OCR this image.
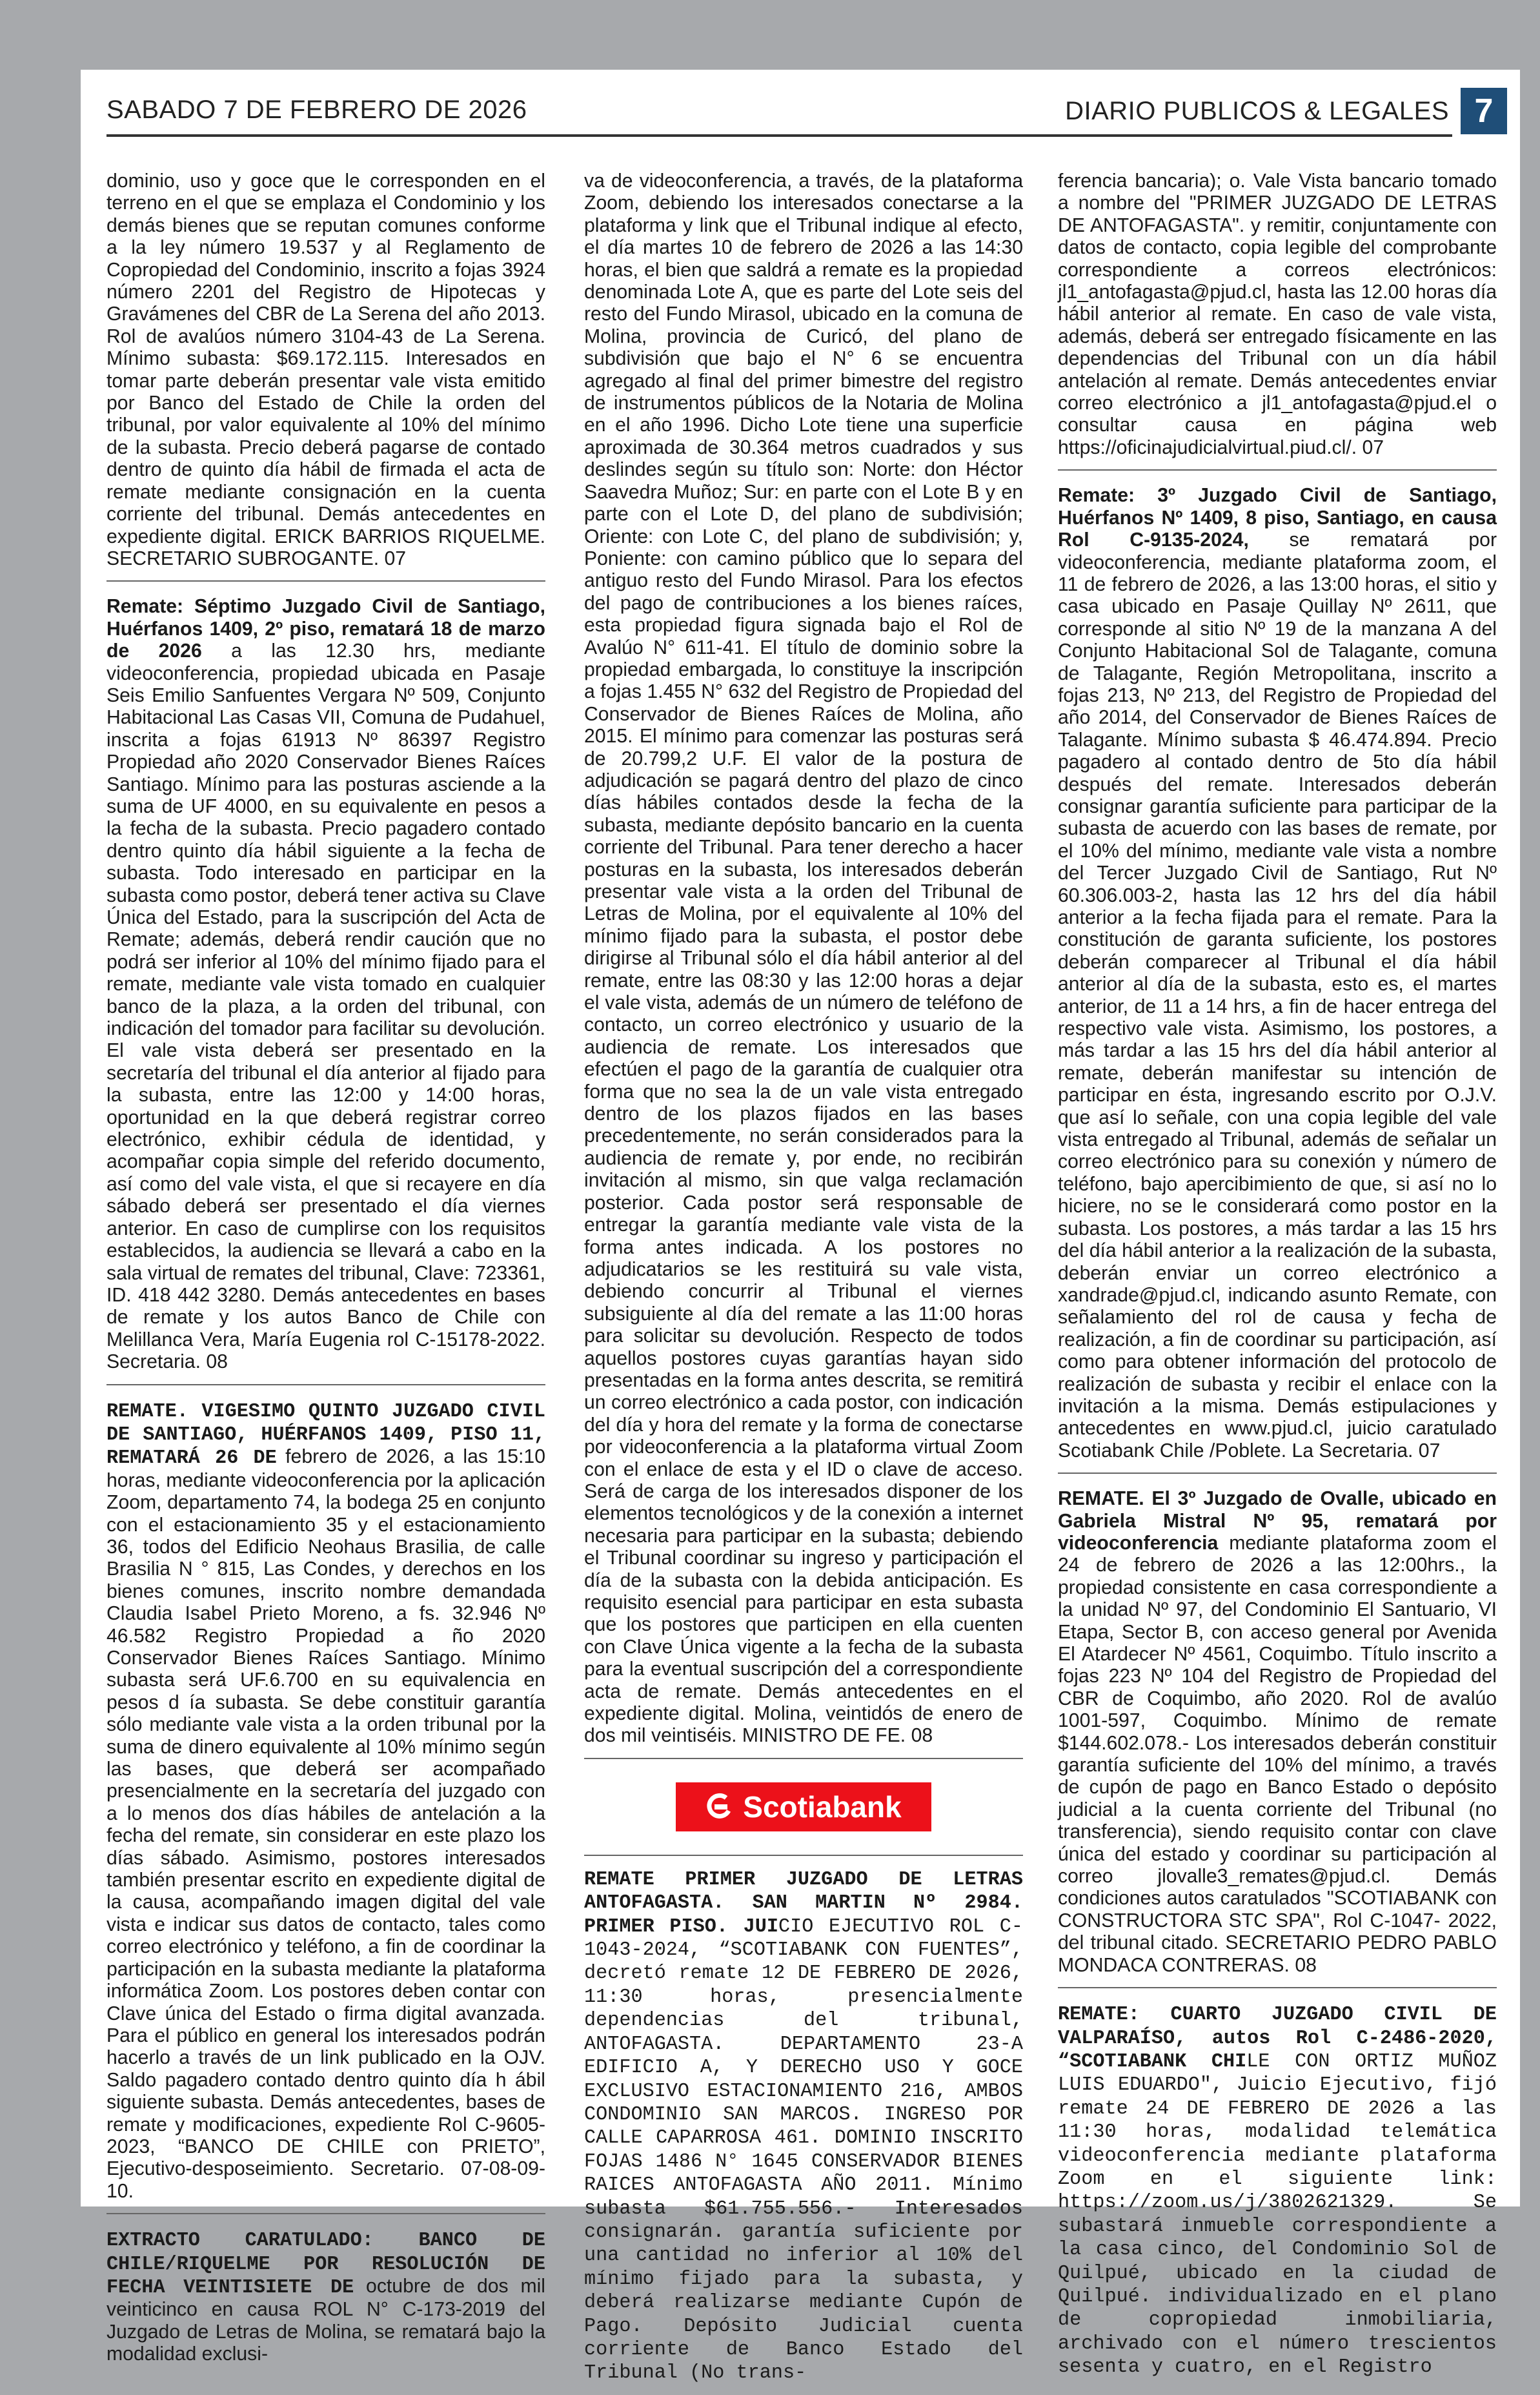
SABADO 7 DE FEBRERO DE 2026	DIARIO PUBLICOS & LEGALES 7

dominio, uso y goce que le corresponden en el terreno en el que se emplaza el Condominio y los demás bienes que se reputan comunes conforme a la ley número 19.537 y al Reglamento de Copropiedad del Condominio, inscrito a fojas 3924 número 2201 del Registro de Hipotecas y Gravámenes del CBR de La Serena del año 2013. Rol de avalúos número 3104-43 de La Serena. Mínimo subasta: $69.172.115. Interesados en tomar parte deberán presentar vale vista emitido por Banco del Estado de Chile la orden del tribunal, por valor equivalente al 10% del mínimo de la subasta. Precio deberá pagarse de contado dentro de quinto día hábil de firmada el acta de remate mediante consignación en la cuenta corriente del tribunal. Demás antecedentes en expediente digital. ERICK BARRIOS RIQUELME. SECRETARIO SUBROGANTE. 07

Remate: Séptimo Juzgado Civil de Santiago, Huérfanos 1409, 2º piso, rematará 18 de marzo de 2026 a las 12.30 hrs, mediante videoconferencia, propiedad ubicada en Pasaje Seis Emilio Sanfuentes Vergara Nº 509, Conjunto Habitacional Las Casas VII, Comuna de Pudahuel, inscrita a fojas 61913 Nº 86397 Registro Propiedad año 2020 Conservador Bienes Raíces Santiago. Mínimo para las posturas asciende a la suma de UF 4000, en su equivalente en pesos a la fecha de la subasta. Precio pagadero contado dentro quinto día hábil siguiente a la fecha de subasta. Todo interesado en participar en la subasta como postor, deberá tener activa su Clave Única del Estado, para la suscripción del Acta de Remate; además, deberá rendir caución que no podrá ser inferior al 10% del mínimo fijado para el remate, mediante vale vista tomado en cualquier banco de la plaza, a la orden del tribunal, con indicación del tomador para facilitar su devolución. El vale vista deberá ser presentado en la secretaría del tribunal el día anterior al fijado para la subasta, entre las 12:00 y 14:00 horas, oportunidad en la que deberá registrar correo electrónico, exhibir cédula de identidad, y acompañar copia simple del referido documento, así como del vale vista, el que si recayere en día sábado deberá ser presentado el día viernes anterior. En caso de cumplirse con los requisitos establecidos, la audiencia se llevará a cabo en la sala virtual de remates del tribunal, Clave: 723361, ID. 418 442 3280. Demás antecedentes en bases de remate y los autos Banco de Chile con Melillanca Vera, María Eugenia rol C-15178-2022. Secretaria. 08

REMATE. VIGESIMO QUINTO JUZGADO CIVIL DE SANTIAGO, HUÉRFANOS 1409, PISO 11, REMATARÁ 26 DE febrero de 2026, a las 15:10 horas, mediante videoconferencia por la aplicación Zoom, departamento 74, la bodega 25 en conjunto con el estacionamiento 35 y el estacionamiento 36, todos del Edificio Neohaus Brasilia, de calle Brasilia N ° 815, Las Condes, y derechos en los bienes comunes, inscrito nombre demandada Claudia Isabel Prieto Moreno, a fs. 32.946 Nº 46.582 Registro Propiedad a ño 2020 Conservador Bienes Raíces Santiago. Mínimo subasta será UF.6.700 en su equivalencia en pesos d ía subasta. Se debe constituir garantía sólo mediante vale vista a la orden tribunal por la suma de dinero equivalente al 10% mínimo según las bases, que deberá ser acompañado presencialmente en la secretaría del juzgado con a lo menos dos días hábiles de antelación a la fecha del remate, sin considerar en este plazo los días sábado. Asimismo, postores interesados también presentar escrito en expediente digital de la causa, acompañando imagen digital del vale vista e indicar sus datos de contacto, tales como correo electrónico y teléfono, a fin de coordinar la participación en la subasta mediante la plataforma informática Zoom. Los postores deben contar con Clave única del Estado o firma digital avanzada. Para el público en general los interesados podrán hacerlo a través de un link publicado en la OJV. Saldo pagadero contado dentro quinto día h ábil siguiente subasta. Demás antecedentes, bases de remate y modificaciones, expediente Rol C-9605-2023, “BANCO DE CHILE con PRIETO”, Ejecutivo-desposeimiento. Secretario. 07-08-09-10.

EXTRACTO CARATULADO: BANCO DE CHILE/RIQUELME POR RESOLUCIÓN DE FECHA VEINTISIETE DE octubre de dos mil veinticinco en causa ROL N° C-173-2019 del Juzgado de Letras de Molina, se rematará bajo la modalidad exclusi-

va de videoconferencia, a través, de la plataforma Zoom, debiendo los interesados conectarse a la plataforma y link que el Tribunal indique al efecto, el día martes 10 de febrero de 2026 a las 14:30 horas, el bien que saldrá a remate es la propiedad denominada Lote A, que es parte del Lote seis del resto del Fundo Mirasol, ubicado en la comuna de Molina, provincia de Curicó, del plano de subdivisión que bajo el N° 6 se encuentra agregado al final del primer bimestre del registro de instrumentos públicos de la Notaria de Molina en el año 1996. Dicho Lote tiene una superficie aproximada de 30.364 metros cuadrados y sus deslindes según su título son: Norte: don Héctor Saavedra Muñoz; Sur: en parte con el Lote B y en parte con el Lote D, del plano de subdivisión; Oriente: con Lote C, del plano de subdivisión; y, Poniente: con camino público que lo separa del antiguo resto del Fundo Mirasol. Para los efectos del pago de contribuciones a los bienes raíces, esta propiedad figura signada bajo el Rol de Avalúo N° 611-41. El título de dominio sobre la propiedad embargada, lo constituye la inscripción a fojas 1.455 N° 632 del Registro de Propiedad del Conservador de Bienes Raíces de Molina, año 2015. El mínimo para comenzar las posturas será de 20.799,2 U.F. El valor de la postura de adjudicación se pagará dentro del plazo de cinco días hábiles contados desde la fecha de la subasta, mediante depósito bancario en la cuenta corriente del Tribunal. Para tener derecho a hacer posturas en la subasta, los interesados deberán presentar vale vista a la orden del Tribunal de Letras de Molina, por el equivalente al 10% del mínimo fijado para la subasta, el postor debe dirigirse al Tribunal sólo el día hábil anterior al del remate, entre las 08:30 y las 12:00 horas a dejar el vale vista, además de un número de teléfono de contacto, un correo electrónico y usuario de la audiencia de remate. Los interesados que efectúen el pago de la garantía de cualquier otra forma que no sea la de un vale vista entregado dentro de los plazos fijados en las bases precedentemente, no serán considerados para la audiencia de remate y, por ende, no recibirán invitación al mismo, sin que valga reclamación posterior. Cada postor será responsable de entregar la garantía mediante vale vista de la forma antes indicada. A los postores no adjudicatarios se les restituirá su vale vista, debiendo concurrir al Tribunal el viernes subsiguiente al día del remate a las 11:00 horas para solicitar su devolución. Respecto de todos aquellos postores cuyas garantías hayan sido presentadas en la forma antes descrita, se remitirá un correo electrónico a cada postor, con indicación del día y hora del remate y la forma de conectarse por videoconferencia a la plataforma virtual Zoom con el enlace de esta y el ID o clave de acceso. Será de carga de los interesados disponer de los elementos tecnológicos y de la conexión a internet necesaria para participar en la subasta; debiendo el Tribunal coordinar su ingreso y participación el día de la subasta con la debida anticipación. Es requisito esencial para participar en esta subasta que los postores que participen en ella cuenten con Clave Única vigente a la fecha de la subasta para la eventual suscripción del a correspondiente acta de remate. Demás antecedentes en el expediente digital. Molina, veintidós de enero de dos mil veintiséis. MINISTRO DE FE. 08

Scotiabank

REMATE PRIMER JUZGADO DE LETRAS ANTOFAGASTA. SAN MARTIN Nº 2984. PRIMER PISO. JUICIO EJECUTIVO ROL C-1043-2024, “SCOTIABANK CON FUENTES”, decretó remate 12 DE FEBRERO DE 2026, 11:30 horas, presencialmente dependencias del tribunal, ANTOFAGASTA. DEPARTAMENTO 23-A EDIFICIO A, Y DERECHO USO Y GOCE EXCLUSIVO ESTACIONAMIENTO 216, AMBOS CONDOMINIO SAN MARCOS. INGRESO POR CALLE CAPARROSA 461. DOMINIO INSCRITO FOJAS 1486 N° 1645 CONSERVADOR BIENES RAICES ANTOFAGASTA AÑO 2011. Mínimo subasta $61.755.556.- Interesados consignarán. garantía suficiente por una cantidad no inferior al 10% del mínimo fijado para la subasta, y deberá realizarse mediante Cupón de Pago. Depósito Judicial cuenta corriente de Banco Estado del Tribunal (No trans-

ferencia bancaria); o. Vale Vista bancario tomado a nombre del "PRIMER JUZGADO DE LETRAS DE ANTOFAGASTA". y remitir, conjuntamente con datos de contacto, copia legible del comprobante correspondiente a correos electrónicos: jl1_antofagasta@pjud.cl, hasta las 12.00 horas día hábil anterior al remate. En caso de vale vista, además, deberá ser entregado físicamente en las dependencias del Tribunal con un día hábil antelación al remate. Demás antecedentes enviar correo electrónico a jl1_antofagasta@pjud.el o consultar causa en página web https://oficinajudicialvirtual.piud.cl/. 07

Remate: 3º Juzgado Civil de Santiago, Huérfanos Nº 1409, 8 piso, Santiago, en causa Rol C-9135-2024, se rematará por videoconferencia, mediante plataforma zoom, el 11 de febrero de 2026, a las 13:00 horas, el sitio y casa ubicado en Pasaje Quillay Nº 2611, que corresponde al sitio Nº 19 de la manzana A del Conjunto Habitacional Sol de Talagante, comuna de Talagante, Región Metropolitana, inscrito a fojas 213, Nº 213, del Registro de Propiedad del año 2014, del Conservador de Bienes Raíces de Talagante. Mínimo subasta $ 46.474.894. Precio pagadero al contado dentro de 5to día hábil después del remate. Interesados deberán consignar garantía suficiente para participar de la subasta de acuerdo con las bases de remate, por el 10% del mínimo, mediante vale vista a nombre del Tercer Juzgado Civil de Santiago, Rut Nº 60.306.003-2, hasta las 12 hrs del día hábil anterior a la fecha fijada para el remate. Para la constitución de garanta suficiente, los postores deberán comparecer al Tribunal el día hábil anterior al día de la subasta, esto es, el martes anterior, de 11 a 14 hrs, a fin de hacer entrega del respectivo vale vista. Asimismo, los postores, a más tardar a las 15 hrs del día hábil anterior al remate, deberán manifestar su intención de participar en ésta, ingresando escrito por O.J.V. que así lo señale, con una copia legible del vale vista entregado al Tribunal, además de señalar un correo electrónico para su conexión y número de teléfono, bajo apercibimiento de que, si así no lo hiciere, no se le considerará como postor en la subasta. Los postores, a más tardar a las 15 hrs del día hábil anterior a la realización de la subasta, deberán enviar un correo electrónico a xandrade@pjud.cl, indicando asunto Remate, con señalamiento del rol de causa y fecha de realización, a fin de coordinar su participación, así como para obtener información del protocolo de realización de subasta y recibir el enlace con la invitación a la misma. Demás estipulaciones y antecedentes en www.pjud.cl, juicio caratulado Scotiabank Chile /Poblete. La Secretaria. 07

REMATE. El 3º Juzgado de Ovalle, ubicado en Gabriela Mistral Nº 95, rematará por videoconferencia mediante plataforma zoom el 24 de febrero de 2026 a las 12:00hrs., la propiedad consistente en casa correspondiente a la unidad Nº 97, del Condominio El Santuario, VI Etapa, Sector B, con acceso general por Avenida El Atardecer Nº 4561, Coquimbo. Título inscrito a fojas 223 Nº 104 del Registro de Propiedad del CBR de Coquimbo, año 2020. Rol de avalúo 1001-597, Coquimbo. Mínimo de remate $144.602.078.- Los interesados deberán constituir garantía suficiente del 10% del mínimo, a través de cupón de pago en Banco Estado o depósito judicial a la cuenta corriente del Tribunal (no transferencia), siendo requisito contar con clave única del estado y coordinar su participación al correo jlovalle3_remates@pjud.cl. Demás condiciones autos caratulados "SCOTIABANK con CONSTRUCTORA STC SPA", Rol C-1047- 2022, del tribunal citado. SECRETARIO PEDRO PABLO MONDACA CONTRERAS. 08

REMATE: CUARTO JUZGADO CIVIL DE VALPARAÍSO, autos Rol C-2486-2020, “SCOTIABANK CHILE CON ORTIZ MUÑOZ LUIS EDUARDO", Juicio Ejecutivo, fijó remate 24 DE FEBRERO DE 2026 a las 11:30 horas, modalidad telemática videoconferencia mediante plataforma Zoom en el siguiente link: https://zoom.us/j/3802621329. Se subastará inmueble correspondiente a la casa cinco, del Condominio Sol de Quilpué, ubicado en la ciudad de Quilpué. individualizado en el plano de copropiedad inmobiliaria, archivado con el número trescientos sesenta y cuatro, en el Registro
